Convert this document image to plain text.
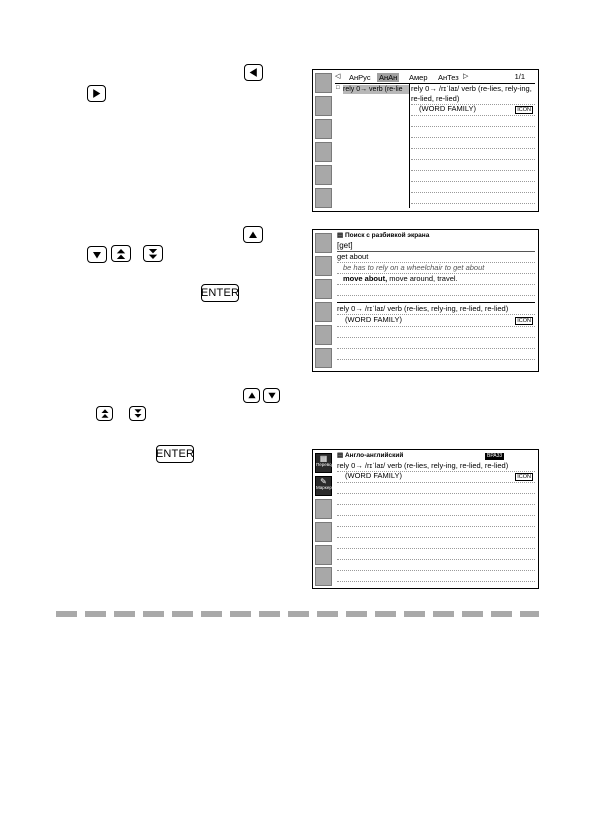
ENTER
ENTER
◁ АнРус АнАн Амер АнТез ▷	1/1
rely 0→ verb (re-lie
□	rely 0→ /rɪˈlaɪ/ verb (re-lies, rely-ing,
re-lied, re-lied)
(WORD FAMILY)	ICON
▤ Поиск с разбивкой экрана
[get]
get about
be has to rely on a wheelchair to get about
move about, move around, travel.
rely 0→ /rɪˈlaɪ/ verb (re-lies, rely-ing, re-lied, re-lied)
(WORD FAMILY)	ICON
▦
Перевод
✎
Маркер
▤ Англо-английский	BPA33
rely 0→ /rɪˈlaɪ/ verb (re-lies, rely-ing, re-lied, re-lied)
(WORD FAMILY)	ICON
